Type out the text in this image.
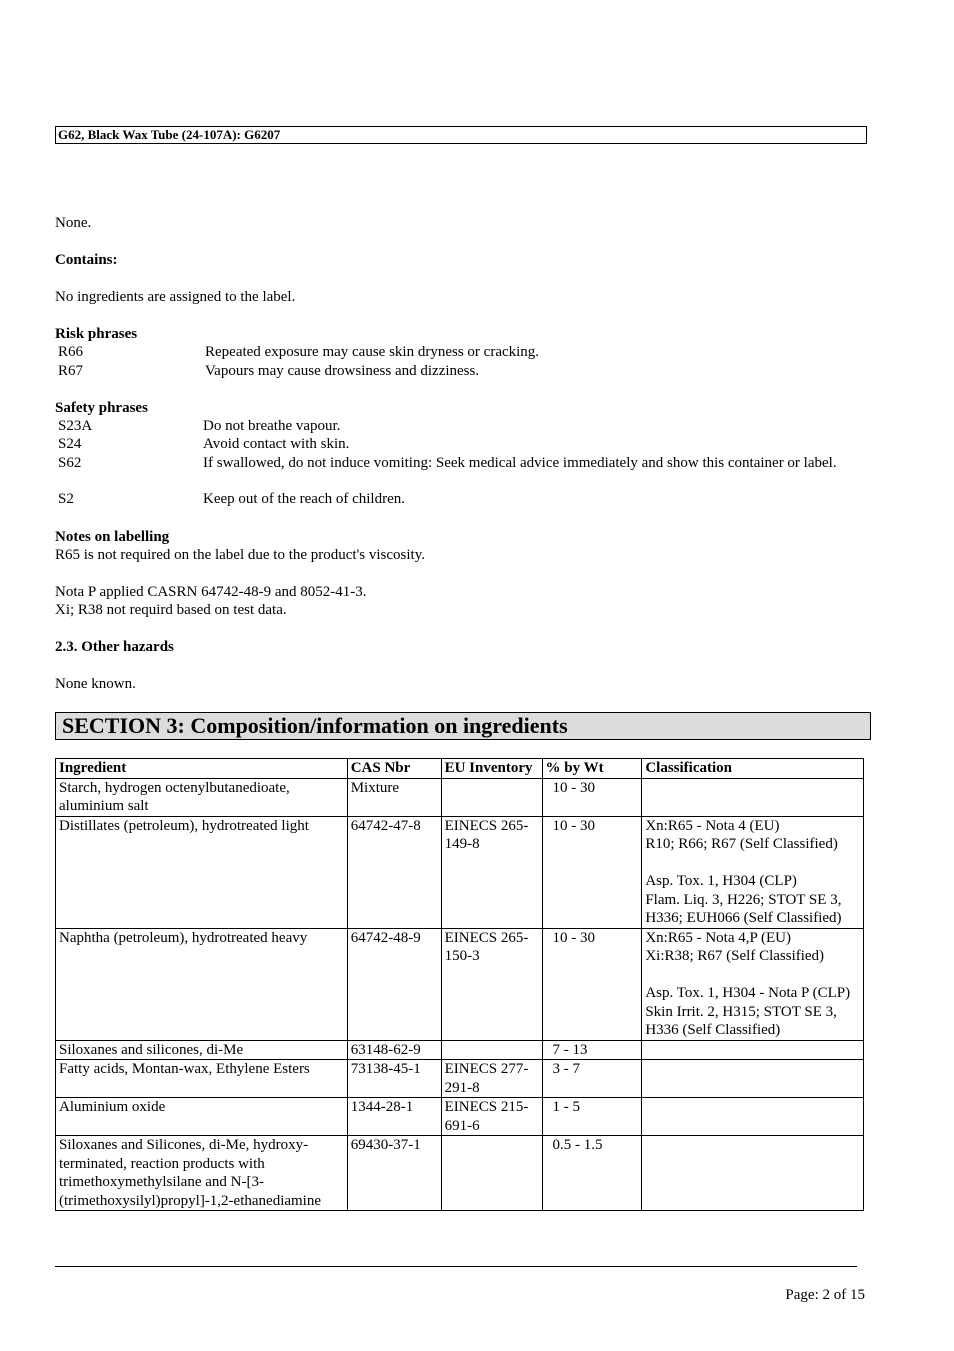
G62, Black Wax Tube (24-107A): G6207
None.
Contains:
No ingredients are assigned to the label.
Risk phrases
R66	Repeated exposure may cause skin dryness or cracking.
R67	Vapours may cause drowsiness and dizziness.
Safety phrases
S23A	Do not breathe vapour.
S24	Avoid contact with skin.
S62	If swallowed, do not induce vomiting: Seek medical advice immediately and show this container or label.
S2	Keep out of the reach of children.
Notes on labelling
R65 is not required on the label due to the product's viscosity.
Nota P applied CASRN 64742-48-9 and 8052-41-3.
Xi; R38 not requird based on test data.
2.3. Other hazards
None known.
SECTION 3: Composition/information on ingredients
Ingredient	CAS Nbr	EU Inventory	% by Wt	Classification
Starch, hydrogen octenylbutanedioate, aluminium salt	Mixture		10 - 30	
Distillates (petroleum), hydrotreated light	64742-47-8	EINECS 265-149-8	10 - 30	Xn:R65 - Nota 4 (EU)
R10; R66; R67 (Self Classified)

Asp. Tox. 1, H304 (CLP)
Flam. Liq. 3, H226; STOT SE 3, H336; EUH066 (Self Classified)
Naphtha (petroleum), hydrotreated heavy	64742-48-9	EINECS 265-150-3	10 - 30	Xn:R65 - Nota 4,P (EU)
Xi:R38; R67 (Self Classified)

Asp. Tox. 1, H304 - Nota P (CLP)
Skin Irrit. 2, H315; STOT SE 3, H336 (Self Classified)
Siloxanes and silicones, di-Me	63148-62-9		7 - 13	
Fatty acids, Montan-wax, Ethylene Esters	73138-45-1	EINECS 277-291-8	3 - 7	
Aluminium oxide	1344-28-1	EINECS 215-691-6	1 - 5	
Siloxanes and Silicones, di-Me, hydroxy-terminated, reaction products with trimethoxymethylsilane and N-[3-(trimethoxysilyl)propyl]-1,2-ethanediamine	69430-37-1		0.5 - 1.5	
Page: 2 of 15
